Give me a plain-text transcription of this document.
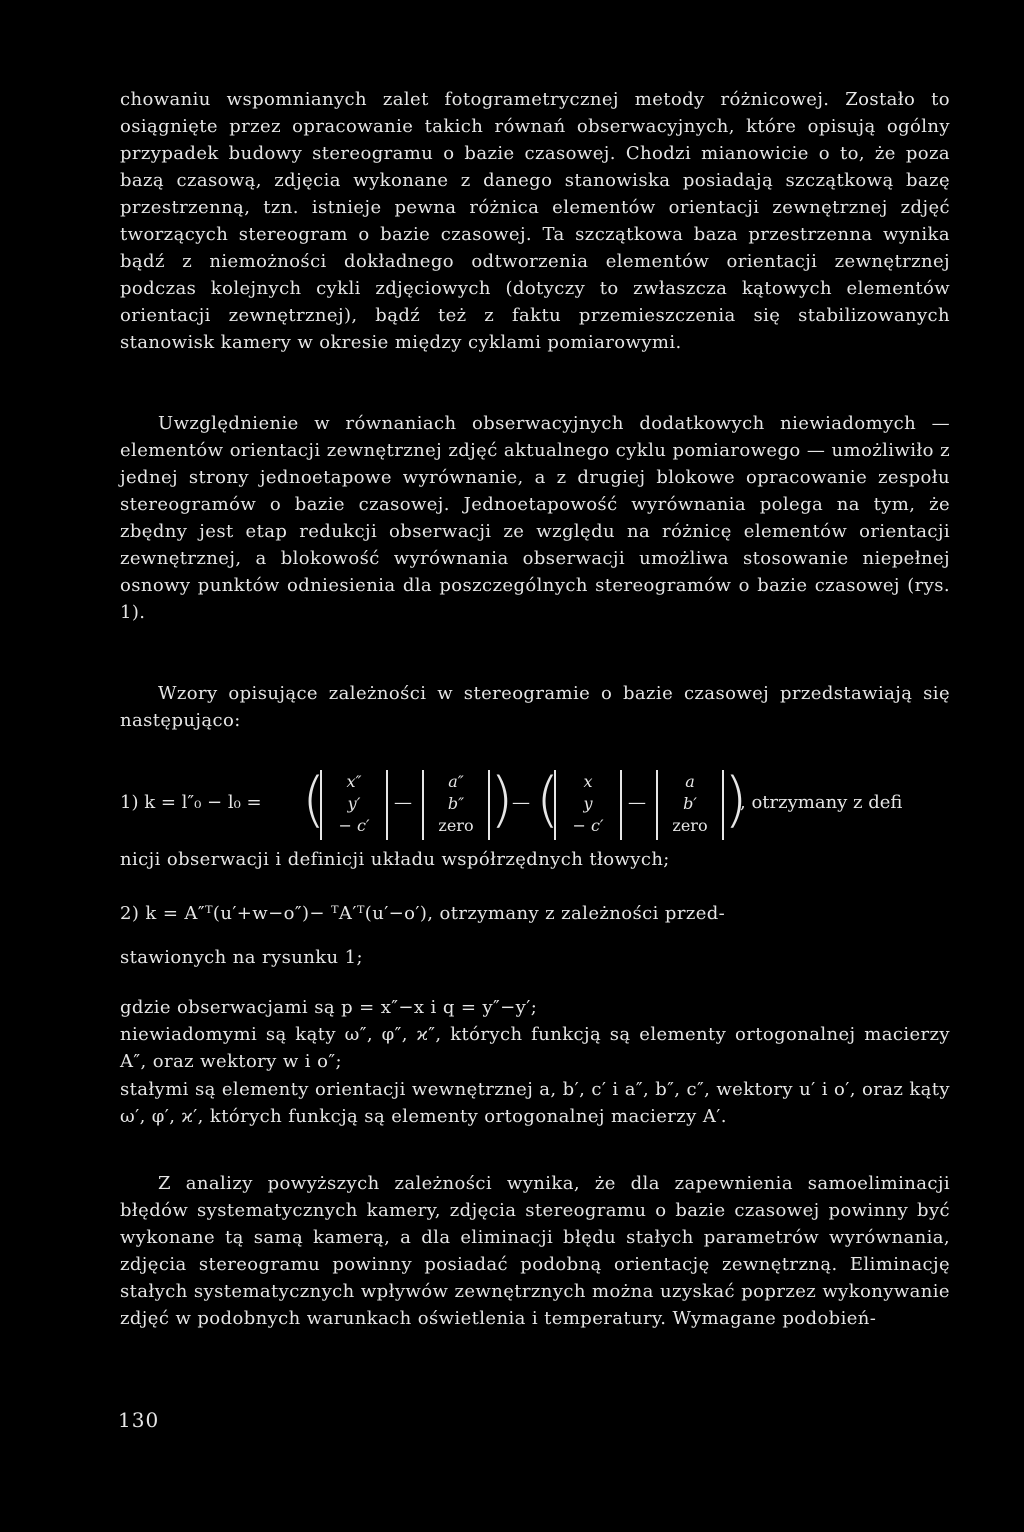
chowaniu wspomnianych zalet fotogrametrycznej metody różnicowej. Zostało to osiągnięte przez opracowanie takich równań obserwacyjnych, które opisują ogólny przypadek budowy stereogramu o bazie czasowej. Chodzi mianowicie o to, że poza bazą czasową, zdjęcia wykonane z danego stanowiska posiadają szczątkową bazę przestrzenną, tzn. istnieje pewna różnica elementów orientacji zewnętrznej zdjęć tworzących stereogram o bazie czasowej. Ta szczątkowa baza przestrzenna wynika bądź z niemożności dokładnego odtworzenia elementów orientacji zewnętrznej podczas kolejnych cykli zdjęciowych (dotyczy to zwłaszcza kątowych elementów orientacji zewnętrznej), bądź też z faktu przemieszczenia się stabilizowanych stanowisk kamery w okresie między cyklami pomiarowymi.

Uwzględnienie w równaniach obserwacyjnych dodatkowych niewiadomych — elementów orientacji zewnętrznej zdjęć aktualnego cyklu pomiarowego — umożliwiło z jednej strony jednoetapowe wyrównanie, a z drugiej blokowe opracowanie zespołu stereogramów o bazie czasowej. Jednoetapowość wyrównania polega na tym, że zbędny jest etap redukcji obserwacji ze względu na różnicę elementów orientacji zewnętrznej, a blokowość wyrównania obserwacji umożliwa stosowanie niepełnej osnowy punktów odniesienia dla poszczególnych stereogramów o bazie czasowej (rys. 1).

Wzory opisujące zależności w stereogramie o bazie czasowej przedstawiają się następująco:

1) k = l″₀ − l₀ = (	x″
y′
− c′
—
a″
b″
zero )
— (	x
y
− c′
—
a
b′
zero )
, otrzymany z defi

nicji obserwacji i definicji układu współrzędnych tłowych;

2) k = A″ᵀ(u′+w−o″)− ᵀA′ᵀ(u′−o′), otrzymany z zależności przed-

stawionych na rysunku 1;

gdzie obserwacjami są p = x″−x i q = y″−y′;

niewiadomymi są kąty ω″, φ″, ϰ″, których funkcją są elementy ortogonalnej macierzy A″, oraz wektory w i o″;

stałymi są elementy orientacji wewnętrznej a, b′, c′ i a″, b″, c″, wektory u′ i o′, oraz kąty ω′, φ′, ϰ′, których funkcją są elementy ortogonalnej macierzy A′.

Z analizy powyższych zależności wynika, że dla zapewnienia samoeliminacji błędów systematycznych kamery, zdjęcia stereogramu o bazie czasowej powinny być wykonane tą samą kamerą, a dla eliminacji błędu stałych parametrów wyrównania, zdjęcia stereogramu powinny posiadać podobną orientację zewnętrzną. Eliminację stałych systematycznych wpływów zewnętrznych można uzyskać poprzez wykonywanie zdjęć w podobnych warunkach oświetlenia i temperatury. Wymagane podobień-

130
